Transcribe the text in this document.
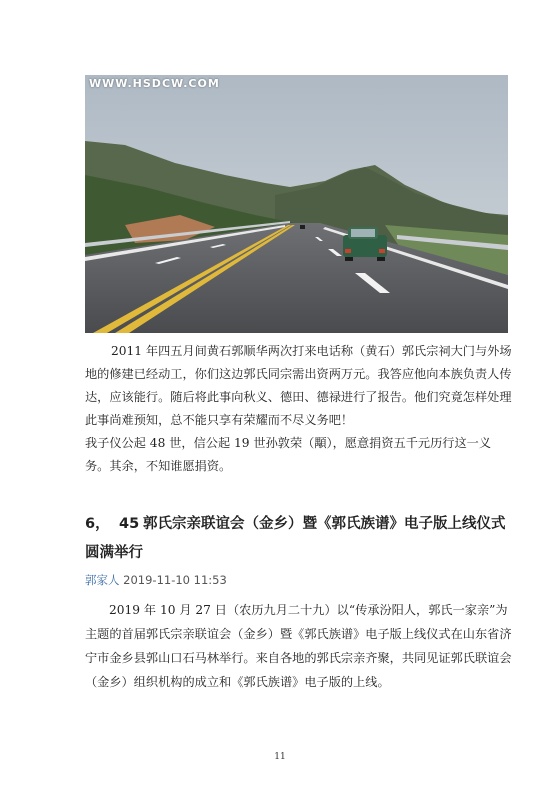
WWW.HSDCW.COM
2011 年四五月间黄石郭顺华两次打来电话称（黄石）郭氏宗祠大门与外场地的修建已经动工，你们这边郭氏同宗需出资两万元。我答应他向本族负责人传达，应该能行。随后将此事向秋义、德田、德禄进行了报告。他们究竟怎样处理此事尚难预知，总不能只享有荣耀而不尽义务吧！
我子仪公起 48 世，信公起 19 世孙敦荣（顒），愿意捐资五千元历行这一义务。其余，不知谁愿捐资。
6， 45 郭氏宗亲联谊会（金乡）暨《郭氏族谱》电子版上线仪式圆满举行
郭家人 2019-11-10 11:53
2019 年 10 月 27 日（农历九月二十九）以“传承汾阳人，郭氏一家亲”为主题的首届郭氏宗亲联谊会（金乡）暨《郭氏族谱》电子版上线仪式在山东省济宁市金乡县郭山口石马林举行。来自各地的郭氏宗亲齐聚，共同见证郭氏联谊会（金乡）组织机构的成立和《郭氏族谱》电子版的上线。
11
